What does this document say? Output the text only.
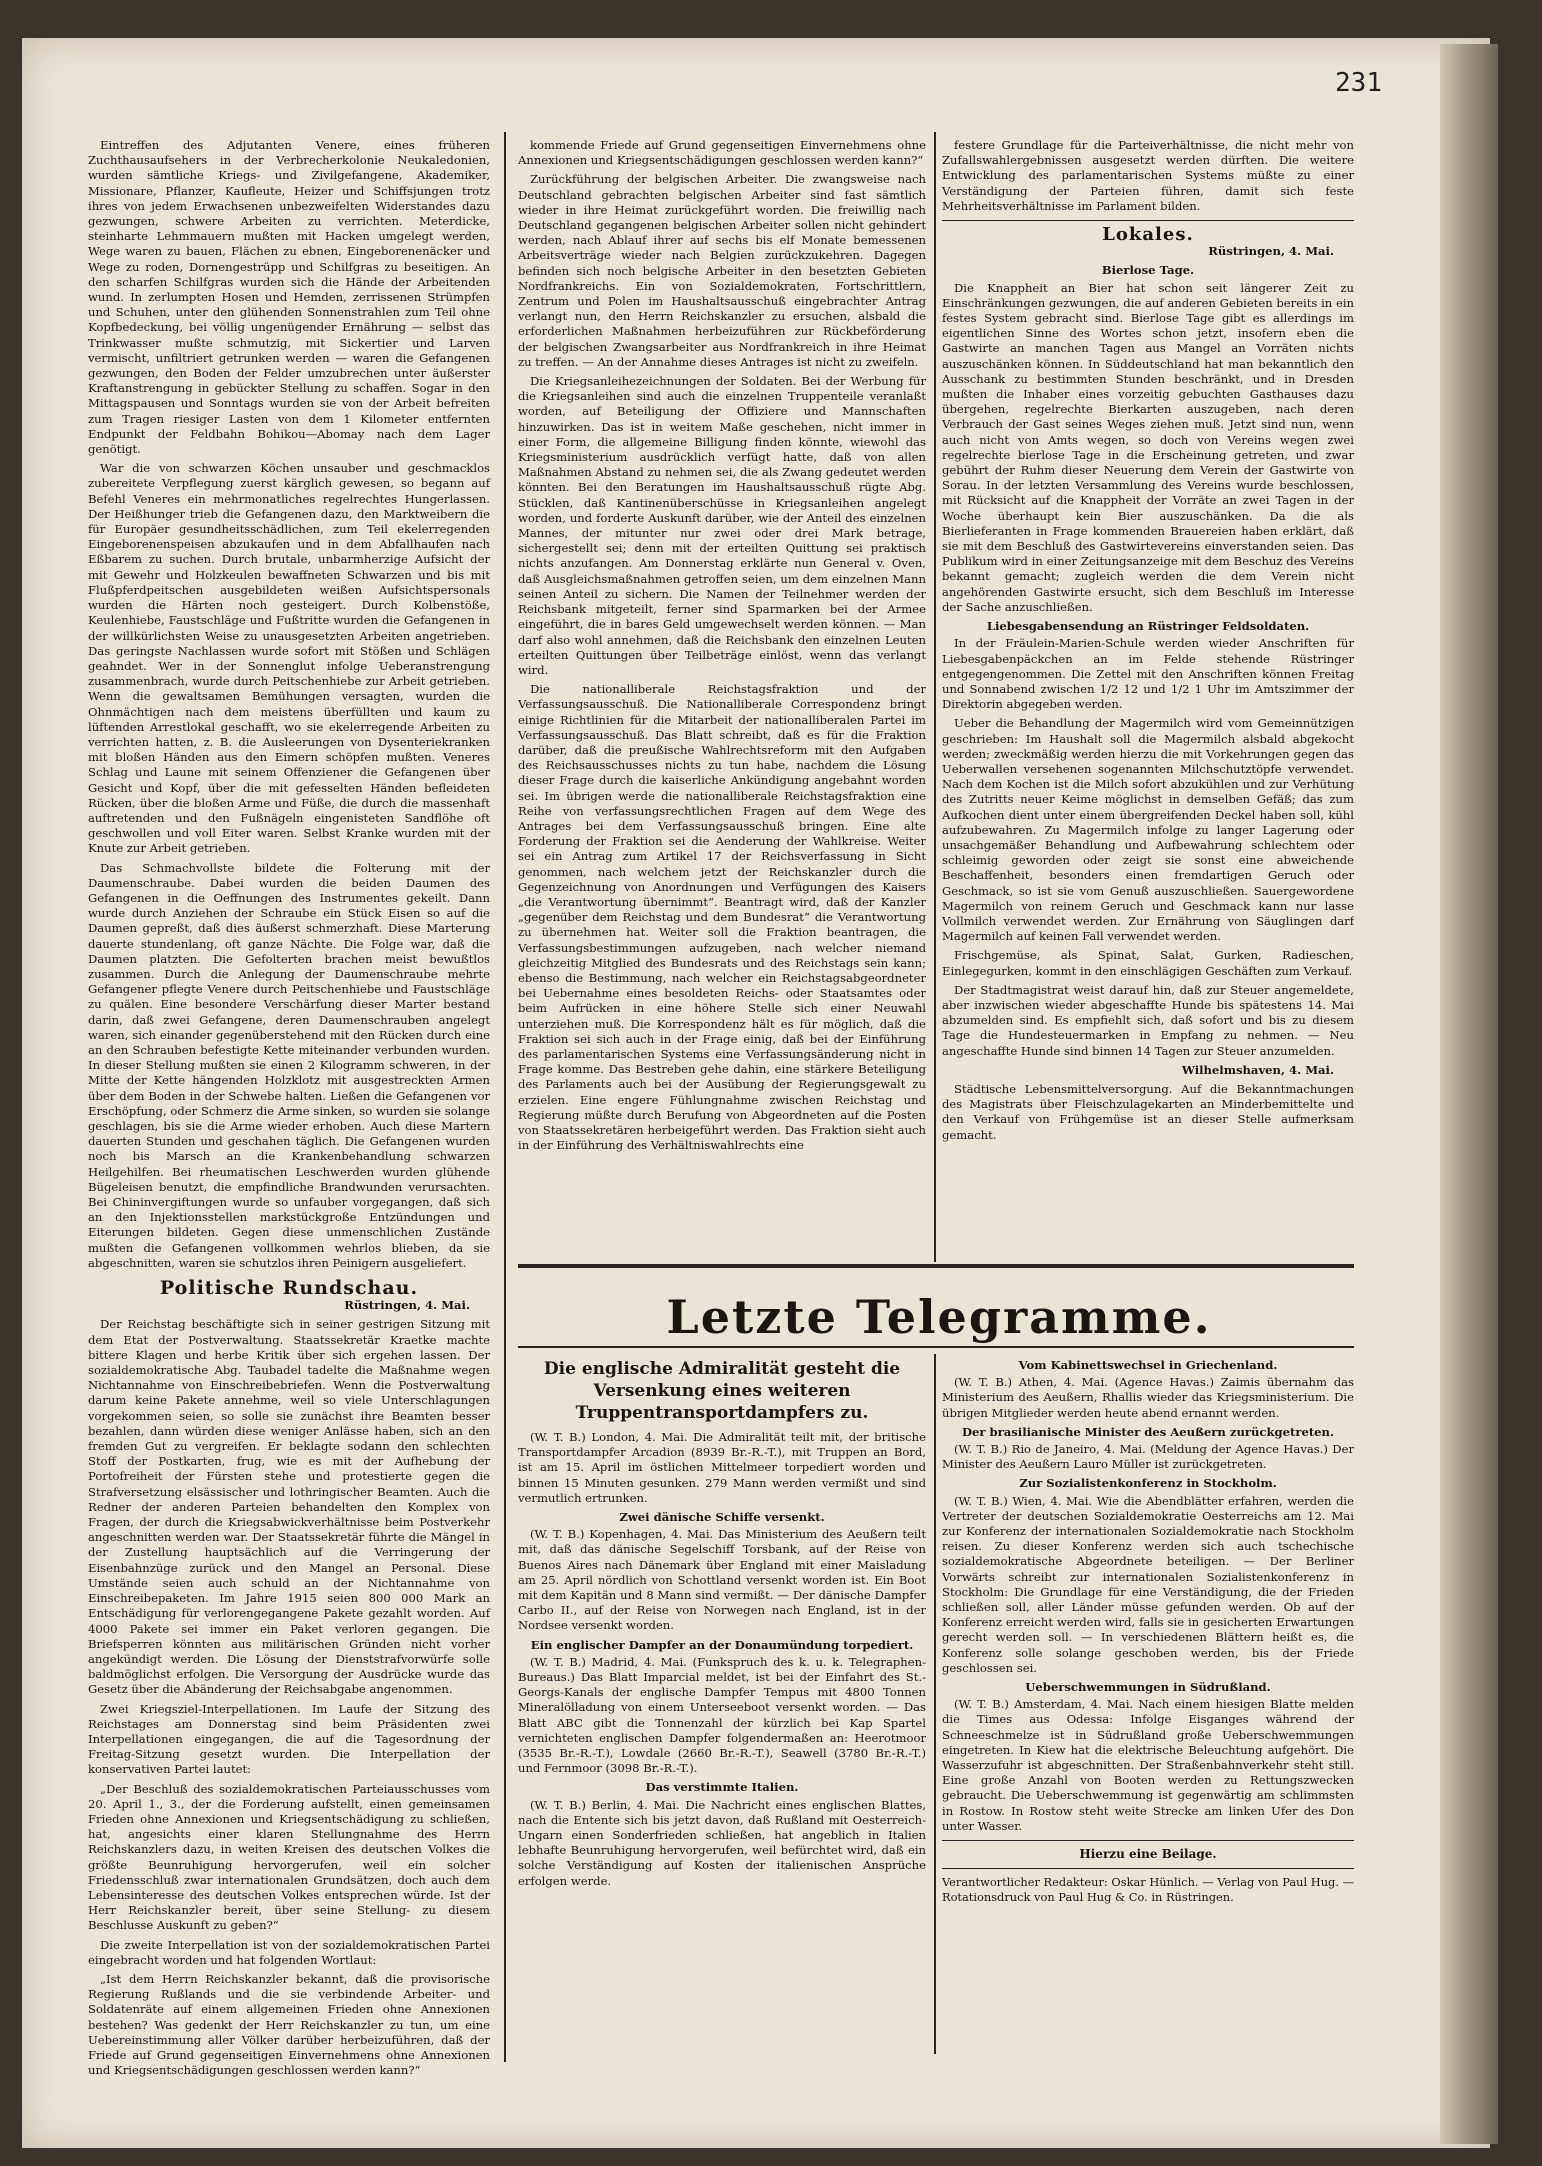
231

Eintreffen des Adjutanten Venere, eines früheren Zuchthausaufsehers in der Verbrecherkolonie Neukaledonien, wurden sämtliche Kriegs- und Zivilgefangene, Akademiker, Missionare, Pflanzer, Kaufleute, Heizer und Schiffsjungen trotz ihres von jedem Erwachsenen unbezweifelten Widerstandes dazu gezwungen, schwere Arbeiten zu verrichten. Meterdicke, steinharte Lehmmauern mußten mit Hacken umgelegt werden, Wege waren zu bauen, Flächen zu ebnen, Eingeborenenäcker und Wege zu roden, Dornengestrüpp und Schilfgras zu beseitigen. An den scharfen Schilfgras wurden sich die Hände der Arbeitenden wund. In zerlumpten Hosen und Hemden, zerrissenen Strümpfen und Schuhen, unter den glühenden Sonnenstrahlen zum Teil ohne Kopfbedeckung, bei völlig ungenügender Ernährung — selbst das Trinkwasser mußte schmutzig, mit Sickertier und Larven vermischt, unfiltriert getrunken werden — waren die Gefangenen gezwungen, den Boden der Felder umzubrechen unter äußerster Kraftanstrengung in gebückter Stellung zu schaffen. Sogar in den Mittagspausen und Sonntags wurden sie von der Arbeit befreiten zum Tragen riesiger Lasten von dem 1 Kilometer entfernten Endpunkt der Feldbahn Bohikou—Abomay nach dem Lager genötigt.

War die von schwarzen Köchen unsauber und geschmacklos zubereitete Verpflegung zuerst kärglich gewesen, so begann auf Befehl Veneres ein mehrmonatliches regelrechtes Hungerlassen. Der Heißhunger trieb die Gefangenen dazu, den Marktweibern die für Europäer gesundheitsschädlichen, zum Teil ekelerregenden Eingeborenenspeisen abzukaufen und in dem Abfallhaufen nach Eßbarem zu suchen. Durch brutale, unbarmherzige Aufsicht der mit Gewehr und Holzkeulen bewaffneten Schwarzen und bis mit Flußpferdpeitschen ausgebildeten weißen Aufsichtspersonals wurden die Härten noch gesteigert. Durch Kolbenstöße, Keulenhiebe, Faustschläge und Fußtritte wurden die Gefangenen in der willkürlichsten Weise zu unausgesetzten Arbeiten angetrieben. Das geringste Nachlassen wurde sofort mit Stößen und Schlägen geahndet. Wer in der Sonnenglut infolge Ueberanstrengung zusammenbrach, wurde durch Peitschenhiebe zur Arbeit getrieben. Wenn die gewaltsamen Bemühungen versagten, wurden die Ohnmächtigen nach dem meistens überfüllten und kaum zu lüftenden Arrestlokal geschafft, wo sie ekelerregende Arbeiten zu verrichten hatten, z. B. die Ausleerungen von Dysenteriekranken mit bloßen Händen aus den Eimern schöpfen mußten. Veneres Schlag und Laune mit seinem Offenziener die Gefangenen über Gesicht und Kopf, über die mit gefesselten Händen befleideten Rücken, über die bloßen Arme und Füße, die durch die massenhaft auftretenden und den Fußnägeln eingenisteten Sandflöhe oft geschwollen und voll Eiter waren. Selbst Kranke wurden mit der Knute zur Arbeit getrieben.

Das Schmachvollste bildete die Folterung mit der Daumenschraube. Dabei wurden die beiden Daumen des Gefangenen in die Oeffnungen des Instrumentes gekeilt. Dann wurde durch Anziehen der Schraube ein Stück Eisen so auf die Daumen gepreßt, daß dies äußerst schmerzhaft. Diese Marterung dauerte stundenlang, oft ganze Nächte. Die Folge war, daß die Daumen platzten. Die Gefolterten brachen meist bewußtlos zusammen. Durch die Anlegung der Daumenschraube mehrte Gefangener pflegte Venere durch Peitschenhiebe und Faustschläge zu quälen. Eine besondere Verschärfung dieser Marter bestand darin, daß zwei Gefangene, deren Daumenschrauben angelegt waren, sich einander gegenüberstehend mit den Rücken durch eine an den Schrauben befestigte Kette miteinander verbunden wurden. In dieser Stellung mußten sie einen 2 Kilogramm schweren, in der Mitte der Kette hängenden Holzklotz mit ausgestreckten Armen über dem Boden in der Schwebe halten. Ließen die Gefangenen vor Erschöpfung, oder Schmerz die Arme sinken, so wurden sie solange geschlagen, bis sie die Arme wieder erhoben. Auch diese Martern dauerten Stunden und geschahen täglich. Die Gefangenen wurden noch bis Marsch an die Krankenbehandlung schwarzen Heilgehilfen. Bei rheumatischen Leschwerden wurden glühende Bügeleisen benutzt, die empfindliche Brandwunden verursachten. Bei Chininvergiftungen wurde so unfauber vorgegangen, daß sich an den Injektionsstellen markstückgroße Entzündungen und Eiterungen bildeten. Gegen diese unmenschlichen Zustände mußten die Gefangenen vollkommen wehrlos blieben, da sie abgeschnitten, waren sie schutzlos ihren Peinigern ausgeliefert.

Politische Rundschau.
Rüstringen, 4. Mai.

Der Reichstag beschäftigte sich in seiner gestrigen Sitzung mit dem Etat der Postverwaltung. Staatssekretär Kraetke machte bittere Klagen und herbe Kritik über sich ergehen lassen. Der sozialdemokratische Abg. Taubadel tadelte die Maßnahme wegen Nichtannahme von Einschreibebriefen. Wenn die Postverwaltung darum keine Pakete annehme, weil so viele Unterschlagungen vorgekommen seien, so solle sie zunächst ihre Beamten besser bezahlen, dann würden diese weniger Anlässe haben, sich an den fremden Gut zu vergreifen. Er beklagte sodann den schlechten Stoff der Postkarten, frug, wie es mit der Aufhebung der Portofreiheit der Fürsten stehe und protestierte gegen die Strafversetzung elsässischer und lothringischer Beamten. Auch die Redner der anderen Parteien behandelten den Komplex von Fragen, der durch die Kriegsabwickverhältnisse beim Postverkehr angeschnitten werden war. Der Staatssekretär führte die Mängel in der Zustellung hauptsächlich auf die Verringerung der Eisenbahnzüge zurück und den Mangel an Personal. Diese Umstände seien auch schuld an der Nichtannahme von Einschreibepaketen. Im Jahre 1915 seien 800 000 Mark an Entschädigung für verlorengegangene Pakete gezahlt worden. Auf 4000 Pakete sei immer ein Paket verloren gegangen. Die Briefsperren könnten aus militärischen Gründen nicht vorher angekündigt werden. Die Lösung der Dienststrafvorwürfe solle baldmöglichst erfolgen. Die Versorgung der Ausdrücke wurde das Gesetz über die Abänderung der Reichsabgabe angenommen.

Zwei Kriegsziel-Interpellationen. Im Laufe der Sitzung des Reichstages am Donnerstag sind beim Präsidenten zwei Interpellationen eingegangen, die auf die Tagesordnung der Freitag-Sitzung gesetzt wurden. Die Interpellation der konservativen Partei lautet:

„Der Beschluß des sozialdemokratischen Parteiausschusses vom 20. April 1., 3., der die Forderung aufstellt, einen gemeinsamen Frieden ohne Annexionen und Kriegsentschädigung zu schließen, hat, angesichts einer klaren Stellungnahme des Herrn Reichskanzlers dazu, in weiten Kreisen des deutschen Volkes die größte Beunruhigung hervorgerufen, weil ein solcher Friedensschluß zwar internationalen Grundsätzen, doch auch dem Lebensinteresse des deutschen Volkes entsprechen würde. Ist der Herr Reichskanzler bereit, über seine Stellung- zu diesem Beschlusse Auskunft zu geben?“

Die zweite Interpellation ist von der sozialdemokratischen Partei eingebracht worden und hat folgenden Wortlaut:

„Ist dem Herrn Reichskanzler bekannt, daß die provisorische Regierung Rußlands und die sie verbindende Arbeiter- und Soldatenräte auf einem allgemeinen Frieden ohne Annexionen bestehen? Was gedenkt der Herr Reichskanzler zu tun, um eine Uebereinstimmung aller Völker darüber herbeizuführen, daß der Friede auf Grund gegenseitigen Einvernehmens ohne Annexionen und Kriegsentschädigungen geschlossen werden kann?“

kommende Friede auf Grund gegenseitigen Einvernehmens ohne Annexionen und Kriegsentschädigungen geschlossen werden kann?“

Zurückführung der belgischen Arbeiter. Die zwangsweise nach Deutschland gebrachten belgischen Arbeiter sind fast sämtlich wieder in ihre Heimat zurückgeführt worden. Die freiwillig nach Deutschland gegangenen belgischen Arbeiter sollen nicht gehindert werden, nach Ablauf ihrer auf sechs bis elf Monate bemessenen Arbeitsverträge wieder nach Belgien zurückzukehren. Dagegen befinden sich noch belgische Arbeiter in den besetzten Gebieten Nordfrankreichs. Ein von Sozialdemokraten, Fortschrittlern, Zentrum und Polen im Haushaltsausschuß eingebrachter Antrag verlangt nun, den Herrn Reichskanzler zu ersuchen, alsbald die erforderlichen Maßnahmen herbeizuführen zur Rückbeförderung der belgischen Zwangsarbeiter aus Nordfrankreich in ihre Heimat zu treffen. — An der Annahme dieses Antrages ist nicht zu zweifeln.

Die Kriegsanleihezeichnungen der Soldaten. Bei der Werbung für die Kriegsanleihen sind auch die einzelnen Truppenteile veranlaßt worden, auf Beteiligung der Offiziere und Mannschaften hinzuwirken. Das ist in weitem Maße geschehen, nicht immer in einer Form, die allgemeine Billigung finden könnte, wiewohl das Kriegsministerium ausdrücklich verfügt hatte, daß von allen Maßnahmen Abstand zu nehmen sei, die als Zwang gedeutet werden könnten. Bei den Beratungen im Haushaltsausschuß rügte Abg. Stücklen, daß Kantinenüberschüsse in Kriegsanleihen angelegt worden, und forderte Auskunft darüber, wie der Anteil des einzelnen Mannes, der mitunter nur zwei oder drei Mark betrage, sichergestellt sei; denn mit der erteilten Quittung sei praktisch nichts anzufangen. Am Donnerstag erklärte nun General v. Oven, daß Ausgleichsmaßnahmen getroffen seien, um dem einzelnen Mann seinen Anteil zu sichern. Die Namen der Teilnehmer werden der Reichsbank mitgeteilt, ferner sind Sparmarken bei der Armee eingeführt, die in bares Geld umgewechselt werden können. — Man darf also wohl annehmen, daß die Reichsbank den einzelnen Leuten erteilten Quittungen über Teilbeträge einlöst, wenn das verlangt wird.

Die nationalliberale Reichstagsfraktion und der Verfassungsausschuß. Die Nationalliberale Correspondenz bringt einige Richtlinien für die Mitarbeit der nationalliberalen Partei im Verfassungsausschuß. Das Blatt schreibt, daß es für die Fraktion darüber, daß die preußische Wahlrechtsreform mit den Aufgaben des Reichsausschusses nichts zu tun habe, nachdem die Lösung dieser Frage durch die kaiserliche Ankündigung angebahnt worden sei. Im übrigen werde die nationalliberale Reichstagsfraktion eine Reihe von verfassungsrechtlichen Fragen auf dem Wege des Antrages bei dem Verfassungsausschuß bringen. Eine alte Forderung der Fraktion sei die Aenderung der Wahlkreise. Weiter sei ein Antrag zum Artikel 17 der Reichsverfassung in Sicht genommen, nach welchem jetzt der Reichskanzler durch die Gegenzeichnung von Anordnungen und Verfügungen des Kaisers „die Verantwortung übernimmt“. Beantragt wird, daß der Kanzler „gegenüber dem Reichstag und dem Bundesrat“ die Verantwortung zu übernehmen hat. Weiter soll die Fraktion beantragen, die Verfassungsbestimmungen aufzugeben, nach welcher niemand gleichzeitig Mitglied des Bundesrats und des Reichstags sein kann; ebenso die Bestimmung, nach welcher ein Reichstagsabgeordneter bei Uebernahme eines besoldeten Reichs- oder Staatsamtes oder beim Aufrücken in eine höhere Stelle sich einer Neuwahl unterziehen muß. Die Korrespondenz hält es für möglich, daß die Fraktion sei sich auch in der Frage einig, daß bei der Einführung des parlamentarischen Systems eine Verfassungsänderung nicht in Frage komme. Das Bestreben gehe dahin, eine stärkere Beteiligung des Parlaments auch bei der Ausübung der Regierungsgewalt zu erzielen. Eine engere Fühlungnahme zwischen Reichstag und Regierung müßte durch Berufung von Abgeordneten auf die Posten von Staatssekretären herbeigeführt werden. Das Fraktion sieht auch in der Einführung des Verhältniswahlrechts eine

festere Grundlage für die Parteiverhältnisse, die nicht mehr von Zufallswahlergebnissen ausgesetzt werden dürften. Die weitere Entwicklung des parlamentarischen Systems müßte zu einer Verständigung der Parteien führen, damit sich feste Mehrheitsverhältnisse im Parlament bilden.

Lokales.
Rüstringen, 4. Mai.
Bierlose Tage.

Die Knappheit an Bier hat schon seit längerer Zeit zu Einschränkungen gezwungen, die auf anderen Gebieten bereits in ein festes System gebracht sind. Bierlose Tage gibt es allerdings im eigentlichen Sinne des Wortes schon jetzt, insofern eben die Gastwirte an manchen Tagen aus Mangel an Vorräten nichts auszuschänken können. In Süddeutschland hat man bekanntlich den Ausschank zu bestimmten Stunden beschränkt, und in Dresden mußten die Inhaber eines vorzeitig gebuchten Gasthauses dazu übergehen, regelrechte Bierkarten auszugeben, nach deren Verbrauch der Gast seines Weges ziehen muß. Jetzt sind nun, wenn auch nicht von Amts wegen, so doch von Vereins wegen zwei regelrechte bierlose Tage in die Erscheinung getreten, und zwar gebührt der Ruhm dieser Neuerung dem Verein der Gastwirte von Sorau. In der letzten Versammlung des Vereins wurde beschlossen, mit Rücksicht auf die Knappheit der Vorräte an zwei Tagen in der Woche überhaupt kein Bier auszuschänken. Da die als Bierlieferanten in Frage kommenden Brauereien haben erklärt, daß sie mit dem Beschluß des Gastwirtevereins einverstanden seien. Das Publikum wird in einer Zeitungsanzeige mit dem Beschuz des Vereins bekannt gemacht; zugleich werden die dem Verein nicht angehörenden Gastwirte ersucht, sich dem Beschluß im Interesse der Sache anzuschließen.

Liebesgabensendung an Rüstringer Feldsoldaten.

In der Fräulein-Marien-Schule werden wieder Anschriften für Liebesgabenpäckchen an im Felde stehende Rüstringer entgegengenommen. Die Zettel mit den Anschriften können Freitag und Sonnabend zwischen 1/2 12 und 1/2 1 Uhr im Amtszimmer der Direktorin abgegeben werden.

Ueber die Behandlung der Magermilch wird vom Gemeinnützigen geschrieben: Im Haushalt soll die Magermilch alsbald abgekocht werden; zweckmäßig werden hierzu die mit Vorkehrungen gegen das Ueberwallen versehenen sogenannten Milchschutztöpfe verwendet. Nach dem Kochen ist die Milch sofort abzukühlen und zur Verhütung des Zutritts neuer Keime möglichst in demselben Gefäß; das zum Aufkochen dient unter einem übergreifenden Deckel haben soll, kühl aufzubewahren. Zu Magermilch infolge zu langer Lagerung oder unsachgemäßer Behandlung und Aufbewahrung schlechtem oder schleimig geworden oder zeigt sie sonst eine abweichende Beschaffenheit, besonders einen fremdartigen Geruch oder Geschmack, so ist sie vom Genuß auszuschließen. Sauergewordene Magermilch von reinem Geruch und Geschmack kann nur lasse Vollmilch verwendet werden. Zur Ernährung von Säuglingen darf Magermilch auf keinen Fall verwendet werden.

Frischgemüse, als Spinat, Salat, Gurken, Radieschen, Einlegegurken, kommt in den einschlägigen Geschäften zum Verkauf.

Der Stadtmagistrat weist darauf hin, daß zur Steuer angemeldete, aber inzwischen wieder abgeschaffte Hunde bis spätestens 14. Mai abzumelden sind. Es empfiehlt sich, daß sofort und bis zu diesem Tage die Hundesteuermarken in Empfang zu nehmen. — Neu angeschaffte Hunde sind binnen 14 Tagen zur Steuer anzumelden.

Wilhelmshaven, 4. Mai.

Städtische Lebensmittelversorgung. Auf die Bekanntmachungen des Magistrats über Fleischzulagekarten an Minderbemittelte und den Verkauf von Frühgemüse ist an dieser Stelle aufmerksam gemacht.

Letzte Telegramme.
Die englische Admiralität gesteht die Versenkung eines weiteren Truppentransportdampfers zu.

(W. T. B.) London, 4. Mai. Die Admiralität teilt mit, der britische Transportdampfer Arcadion (8939 Br.-R.-T.), mit Truppen an Bord, ist am 15. April im östlichen Mittelmeer torpediert worden und binnen 15 Minuten gesunken. 279 Mann werden vermißt und sind vermutlich ertrunken.

Zwei dänische Schiffe versenkt.

(W. T. B.) Kopenhagen, 4. Mai. Das Ministerium des Aeußern teilt mit, daß das dänische Segelschiff Torsbank, auf der Reise von Buenos Aires nach Dänemark über England mit einer Maisladung am 25. April nördlich von Schottland versenkt worden ist. Ein Boot mit dem Kapitän und 8 Mann sind vermißt. — Der dänische Dampfer Carbo II., auf der Reise von Norwegen nach England, ist in der Nordsee versenkt worden.

Ein englischer Dampfer an der Donaumündung torpediert.

(W. T. B.) Madrid, 4. Mai. (Funkspruch des k. u. k. Telegraphen-Bureaus.) Das Blatt Imparcial meldet, ist bei der Einfahrt des St.-Georgs-Kanals der englische Dampfer Tempus mit 4800 Tonnen Mineralölladung von einem Unterseeboot versenkt worden. — Das Blatt ABC gibt die Tonnenzahl der kürzlich bei Kap Spartel vernichteten englischen Dampfer folgendermaßen an: Heerotmoor (3535 Br.-R.-T.), Lowdale (2660 Br.-R.-T.), Seawell (3780 Br.-R.-T.) und Fernmoor (3098 Br.-R.-T.).

Das verstimmte Italien.

(W. T. B.) Berlin, 4. Mai. Die Nachricht eines englischen Blattes, nach die Entente sich bis jetzt davon, daß Rußland mit Oesterreich-Ungarn einen Sonderfrieden schließen, hat angeblich in Italien lebhafte Beunruhigung hervorgerufen, weil befürchtet wird, daß ein solche Verständigung auf Kosten der italienischen Ansprüche erfolgen werde.

Vom Kabinettswechsel in Griechenland.

(W. T. B.) Athen, 4. Mai. (Agence Havas.) Zaimis übernahm das Ministerium des Aeußern, Rhallis wieder das Kriegsministerium. Die übrigen Mitglieder werden heute abend ernannt werden.

Der brasilianische Minister des Aeußern zurückgetreten.

(W. T. B.) Rio de Janeiro, 4. Mai. (Meldung der Agence Havas.) Der Minister des Aeußern Lauro Müller ist zurückgetreten.

Zur Sozialistenkonferenz in Stockholm.

(W. T. B.) Wien, 4. Mai. Wie die Abendblätter erfahren, werden die Vertreter der deutschen Sozialdemokratie Oesterreichs am 12. Mai zur Konferenz der internationalen Sozialdemokratie nach Stockholm reisen. Zu dieser Konferenz werden sich auch tschechische sozialdemokratische Abgeordnete beteiligen. — Der Berliner Vorwärts schreibt zur internationalen Sozialistenkonferenz in Stockholm: Die Grundlage für eine Verständigung, die der Frieden schließen soll, aller Länder müsse gefunden werden. Ob auf der Konferenz erreicht werden wird, falls sie in gesicherten Erwartungen gerecht werden soll. — In verschiedenen Blättern heißt es, die Konferenz solle solange geschoben werden, bis der Friede geschlossen sei.

Ueberschwemmungen in Südrußland.

(W. T. B.) Amsterdam, 4. Mai. Nach einem hiesigen Blatte melden die Times aus Odessa: Infolge Eisganges während der Schneeschmelze ist in Südrußland große Ueberschwemmungen eingetreten. In Kiew hat die elektrische Beleuchtung aufgehört. Die Wasserzufuhr ist abgeschnitten. Der Straßenbahnverkehr steht still. Eine große Anzahl von Booten werden zu Rettungszwecken gebraucht. Die Ueberschwemmung ist gegenwärtig am schlimmsten in Rostow. In Rostow steht weite Strecke am linken Ufer des Don unter Wasser.

Hierzu eine Beilage.
Verantwortlicher Redakteur: Oskar Hünlich. — Verlag von Paul Hug. — Rotationsdruck von Paul Hug & Co. in Rüstringen.
